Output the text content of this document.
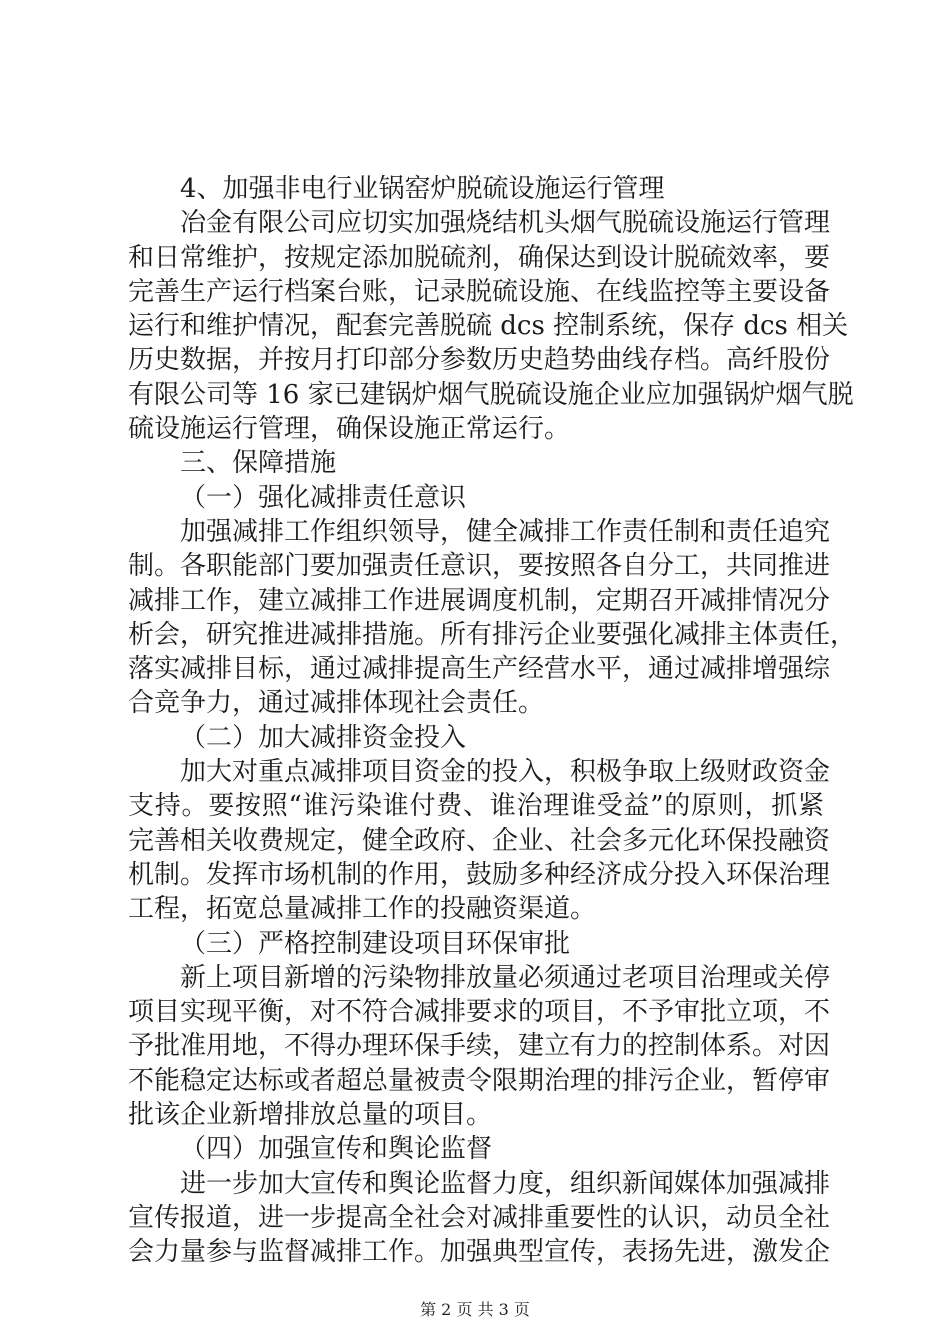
4、加强非电行业锅窑炉脱硫设施运行管理
冶金有限公司应切实加强烧结机头烟气脱硫设施运行管理
和日常维护，按规定添加脱硫剂，确保达到设计脱硫效率，要
完善生产运行档案台账，记录脱硫设施、在线监控等主要设备
运行和维护情况，配套完善脱硫 dcs 控制系统，保存 dcs 相关
历史数据，并按月打印部分参数历史趋势曲线存档。高纤股份
有限公司等 16 家已建锅炉烟气脱硫设施企业应加强锅炉烟气脱
硫设施运行管理，确保设施正常运行。
三、保障措施
（一）强化减排责任意识
加强减排工作组织领导，健全减排工作责任制和责任追究
制。各职能部门要加强责任意识，要按照各自分工，共同推进
减排工作，建立减排工作进展调度机制，定期召开减排情况分
析会，研究推进减排措施。所有排污企业要强化减排主体责任，
落实减排目标，通过减排提高生产经营水平，通过减排增强综
合竞争力，通过减排体现社会责任。
（二）加大减排资金投入
加大对重点减排项目资金的投入，积极争取上级财政资金
支持。要按照“谁污染谁付费、谁治理谁受益”的原则，抓紧
完善相关收费规定，健全政府、企业、社会多元化环保投融资
机制。发挥市场机制的作用，鼓励多种经济成分投入环保治理
工程，拓宽总量减排工作的投融资渠道。
（三）严格控制建设项目环保审批
新上项目新增的污染物排放量必须通过老项目治理或关停
项目实现平衡，对不符合减排要求的项目，不予审批立项，不
予批准用地，不得办理环保手续，建立有力的控制体系。对因
不能稳定达标或者超总量被责令限期治理的排污企业，暂停审
批该企业新增排放总量的项目。
（四）加强宣传和舆论监督
进一步加大宣传和舆论监督力度，组织新闻媒体加强减排
宣传报道，进一步提高全社会对减排重要性的认识，动员全社
会力量参与监督减排工作。加强典型宣传，表扬先进，激发企
第 2 页 共 3 页
